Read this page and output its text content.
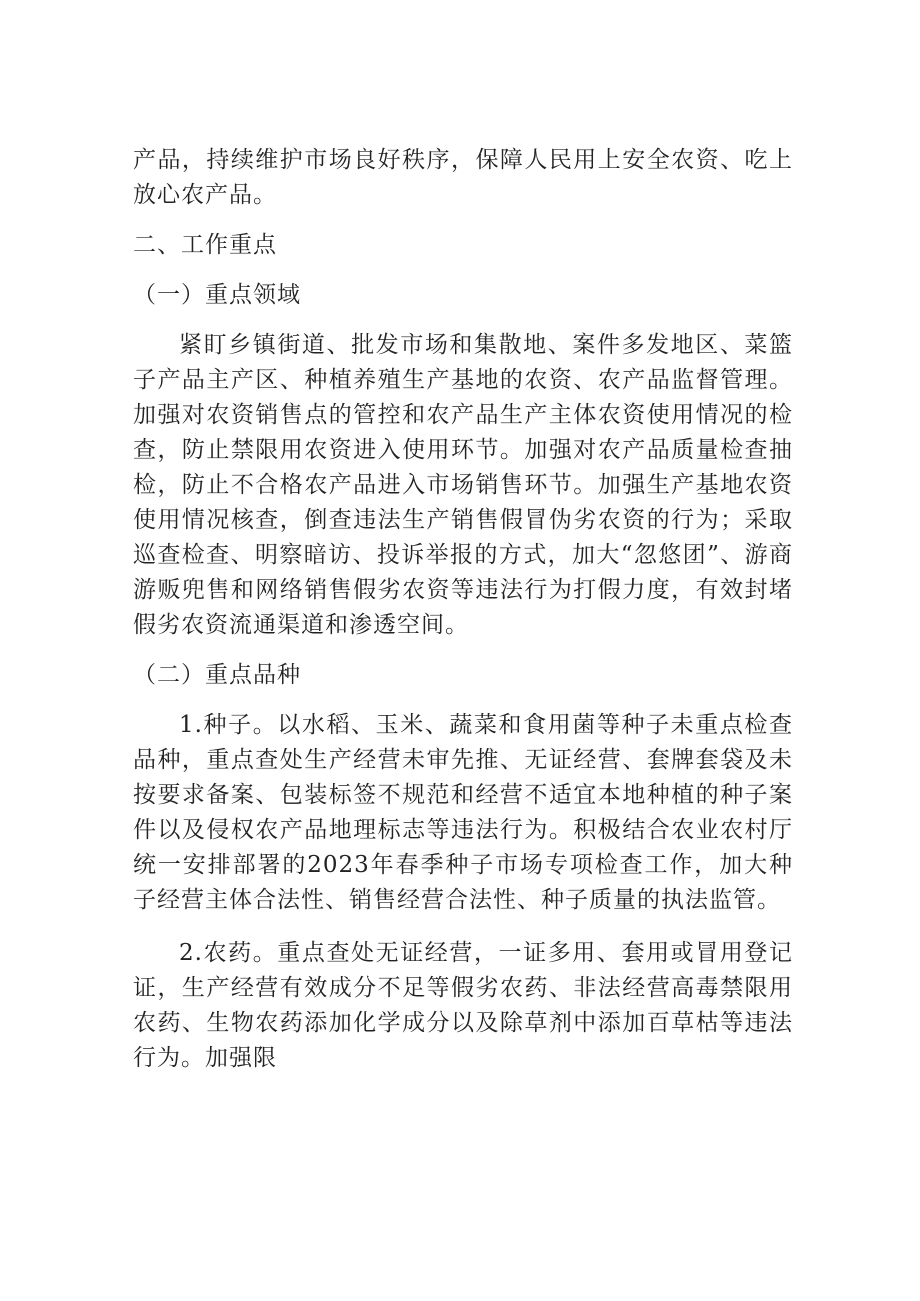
产品，持续维护市场良好秩序，保障人民用上安全农资、吃上放心农产品。

二、工作重点

（一）重点领域

紧盯乡镇街道、批发市场和集散地、案件多发地区、菜篮子产品主产区、种植养殖生产基地的农资、农产品监督管理。加强对农资销售点的管控和农产品生产主体农资使用情况的检查，防止禁限用农资进入使用环节。加强对农产品质量检查抽检，防止不合格农产品进入市场销售环节。加强生产基地农资使用情况核查，倒查违法生产销售假冒伪劣农资的行为；采取巡查检查、明察暗访、投诉举报的方式，加大“忽悠团”、游商游贩兜售和网络销售假劣农资等违法行为打假力度，有效封堵假劣农资流通渠道和渗透空间。

（二）重点品种

1.种子。以水稻、玉米、蔬菜和食用菌等种子未重点检查品种，重点查处生产经营未审先推、无证经营、套牌套袋及未按要求备案、包装标签不规范和经营不适宜本地种植的种子案件以及侵权农产品地理标志等违法行为。积极结合农业农村厅统一安排部署的2023年春季种子市场专项检查工作，加大种子经营主体合法性、销售经营合法性、种子质量的执法监管。

2.农药。重点查处无证经营，一证多用、套用或冒用登记证，生产经营有效成分不足等假劣农药、非法经营高毒禁限用农药、生物农药添加化学成分以及除草剂中添加百草枯等违法行为。加强限
